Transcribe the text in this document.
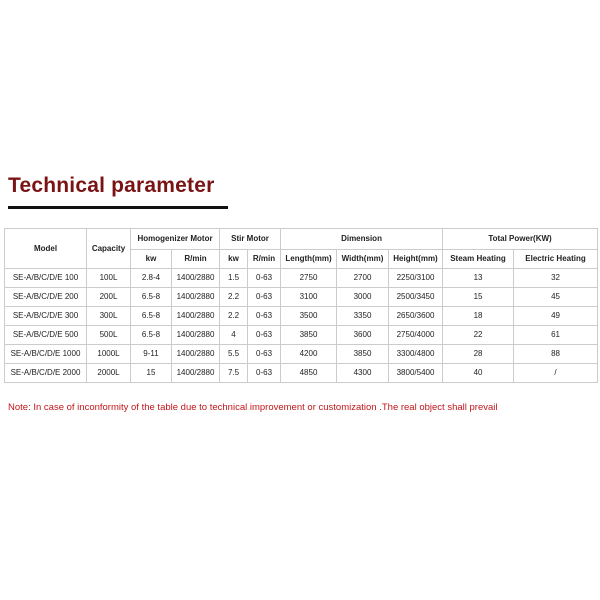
Technical parameter
Model	Capacity	Homogenizer Motor		Stir Motor		Dimension			Total Power(KW)	
		kw	R/min	kw	R/min	Length(mm)	Width(mm)	Height(mm)	Steam Heating	Electric Heating
SE-A/B/C/D/E 100	100L	2.8-4	1400/2880	1.5	0-63	2750	2700	2250/3100	13	32
SE-A/B/C/D/E 200	200L	6.5-8	1400/2880	2.2	0-63	3100	3000	2500/3450	15	45
SE-A/B/C/D/E 300	300L	6.5-8	1400/2880	2.2	0-63	3500	3350	2650/3600	18	49
SE-A/B/C/D/E 500	500L	6.5-8	1400/2880	4	0-63	3850	3600	2750/4000	22	61
SE-A/B/C/D/E 1000	1000L	9-11	1400/2880	5.5	0-63	4200	3850	3300/4800	28	88
SE-A/B/C/D/E 2000	2000L	15	1400/2880	7.5	0-63	4850	4300	3800/5400	40	/
Note: In case of inconformity of the table due to technical improvement or customization .The real object shall prevail
